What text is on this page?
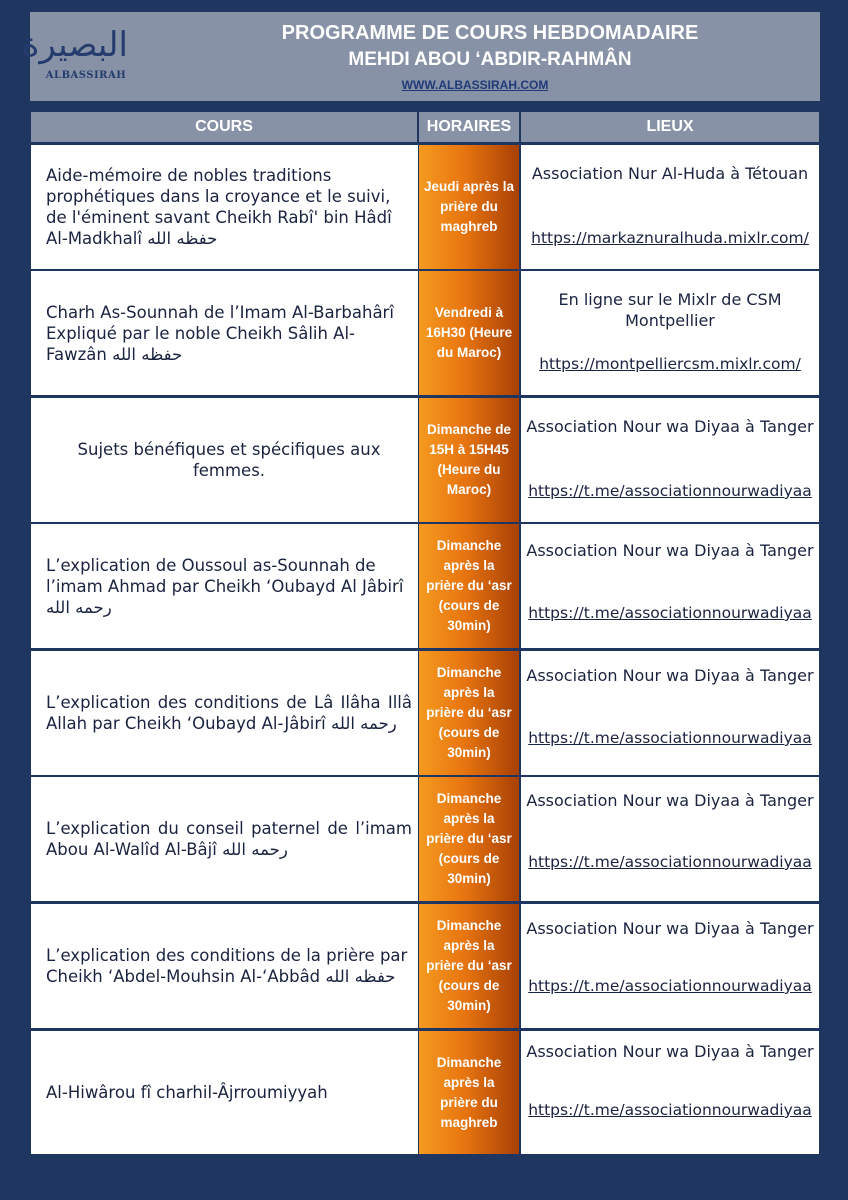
البصيرة
ALBASSIRAH
PROGRAMME DE COURS HEBDOMADAIRE
MEHDI ABOU ‘ABDIR-RAHMÂN
WWW.ALBASSIRAH.COM
COURS	HORAIRES	LIEUX
Aide-mémoire de nobles traditions prophétiques dans la croyance et le suivi, de l'éminent savant Cheikh Rabî' bin Hâdî Al-Madkhalî حفظه الله
Jeudi après la prière du maghreb
Association Nur Al-Huda à Tétouan
https://markaznuralhuda.mixlr.com/
Charh As-Sounnah de l’Imam Al-Barbahârî Expliqué par le noble Cheikh Sâlih Al-Fawzân حفظه الله
Vendredi à 16H30 (Heure du Maroc)
En ligne sur le Mixlr de CSM Montpellier
https://montpelliercsm.mixlr.com/
Sujets bénéfiques et spécifiques aux femmes.
Dimanche de 15H à 15H45 (Heure du Maroc)
Association Nour wa Diyaa à Tanger
https://t.me/associationnourwadiyaa
L’explication de Oussoul as-Sounnah de l’imam Ahmad par Cheikh ‘Oubayd Al Jâbirî رحمه الله
Dimanche après la prière du ‘asr (cours de 30min)
Association Nour wa Diyaa à Tanger
https://t.me/associationnourwadiyaa
L’explication des conditions de Lâ Ilâha Illâ Allah par Cheikh ‘Oubayd Al-Jâbirî رحمه الله
Dimanche après la prière du ‘asr (cours de 30min)
Association Nour wa Diyaa à Tanger
https://t.me/associationnourwadiyaa
L’explication du conseil paternel de l’imam Abou Al-Walîd Al-Bâjî رحمه الله
Dimanche après la prière du ‘asr (cours de 30min)
Association Nour wa Diyaa à Tanger
https://t.me/associationnourwadiyaa
L’explication des conditions de la prière par Cheikh ‘Abdel-Mouhsin Al-‘Abbâd حفظه الله
Dimanche après la prière du ‘asr (cours de 30min)
Association Nour wa Diyaa à Tanger
https://t.me/associationnourwadiyaa
Al-Hiwârou fî charhil-Âjrroumiyyah
Dimanche après la prière du maghreb
Association Nour wa Diyaa à Tanger
https://t.me/associationnourwadiyaa
